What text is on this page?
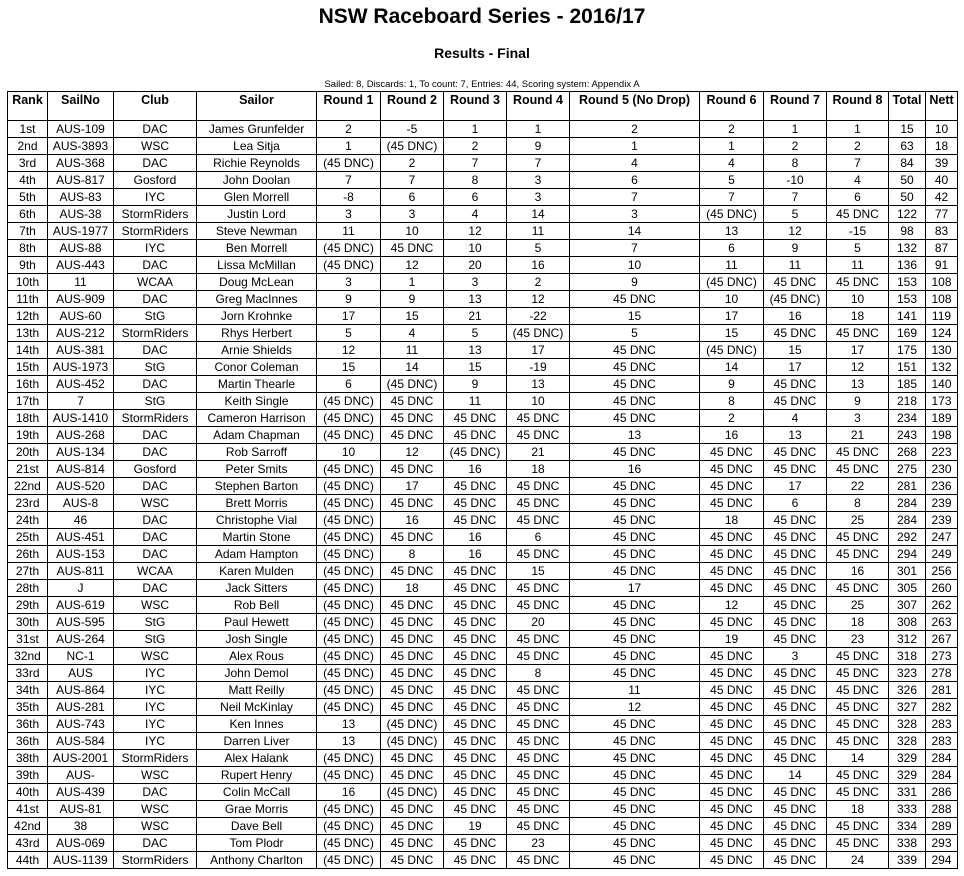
NSW Raceboard Series - 2016/17
Results - Final
Sailed: 8, Discards: 1, To count: 7, Entries: 44, Scoring system: Appendix A
Rank	SailNo	Club	Sailor	Round 1	Round 2	Round 3	Round 4	Round 5 (No Drop)	Round 6	Round 7	Round 8	Total	Nett
1st	AUS-109	DAC	James Grunfelder	2	-5	1	1	2	2	1	1	15	10
2nd	AUS-3893	WSC	Lea Sitja	1	(45 DNC)	2	9	1	1	2	2	63	18
3rd	AUS-368	DAC	Richie Reynolds	(45 DNC)	2	7	7	4	4	8	7	84	39
4th	AUS-817	Gosford	John Doolan	7	7	8	3	6	5	-10	4	50	40
5th	AUS-83	IYC	Glen Morrell	-8	6	6	3	7	7	7	6	50	42
6th	AUS-38	StormRiders	Justin Lord	3	3	4	14	3	(45 DNC)	5	45 DNC	122	77
7th	AUS-1977	StormRiders	Steve Newman	11	10	12	11	14	13	12	-15	98	83
8th	AUS-88	IYC	Ben Morrell	(45 DNC)	45 DNC	10	5	7	6	9	5	132	87
9th	AUS-443	DAC	Lissa McMillan	(45 DNC)	12	20	16	10	11	11	11	136	91
10th	11	WCAA	Doug McLean	3	1	3	2	9	(45 DNC)	45 DNC	45 DNC	153	108
11th	AUS-909	DAC	Greg MacInnes	9	9	13	12	45 DNC	10	(45 DNC)	10	153	108
12th	AUS-60	StG	Jorn Krohnke	17	15	21	-22	15	17	16	18	141	119
13th	AUS-212	StormRiders	Rhys Herbert	5	4	5	(45 DNC)	5	15	45 DNC	45 DNC	169	124
14th	AUS-381	DAC	Arnie Shields	12	11	13	17	45 DNC	(45 DNC)	15	17	175	130
15th	AUS-1973	StG	Conor Coleman	15	14	15	-19	45 DNC	14	17	12	151	132
16th	AUS-452	DAC	Martin Thearle	6	(45 DNC)	9	13	45 DNC	9	45 DNC	13	185	140
17th	7	StG	Keith Single	(45 DNC)	45 DNC	11	10	45 DNC	8	45 DNC	9	218	173
18th	AUS-1410	StormRiders	Cameron Harrison	(45 DNC)	45 DNC	45 DNC	45 DNC	45 DNC	2	4	3	234	189
19th	AUS-268	DAC	Adam Chapman	(45 DNC)	45 DNC	45 DNC	45 DNC	13	16	13	21	243	198
20th	AUS-134	DAC	Rob Sarroff	10	12	(45 DNC)	21	45 DNC	45 DNC	45 DNC	45 DNC	268	223
21st	AUS-814	Gosford	Peter Smits	(45 DNC)	45 DNC	16	18	16	45 DNC	45 DNC	45 DNC	275	230
22nd	AUS-520	DAC	Stephen Barton	(45 DNC)	17	45 DNC	45 DNC	45 DNC	45 DNC	17	22	281	236
23rd	AUS-8	WSC	Brett Morris	(45 DNC)	45 DNC	45 DNC	45 DNC	45 DNC	45 DNC	6	8	284	239
24th	46	DAC	Christophe Vial	(45 DNC)	16	45 DNC	45 DNC	45 DNC	18	45 DNC	25	284	239
25th	AUS-451	DAC	Martin Stone	(45 DNC)	45 DNC	16	6	45 DNC	45 DNC	45 DNC	45 DNC	292	247
26th	AUS-153	DAC	Adam Hampton	(45 DNC)	8	16	45 DNC	45 DNC	45 DNC	45 DNC	45 DNC	294	249
27th	AUS-811	WCAA	Karen Mulden	(45 DNC)	45 DNC	45 DNC	15	45 DNC	45 DNC	45 DNC	16	301	256
28th	J	DAC	Jack Sitters	(45 DNC)	18	45 DNC	45 DNC	17	45 DNC	45 DNC	45 DNC	305	260
29th	AUS-619	WSC	Rob Bell	(45 DNC)	45 DNC	45 DNC	45 DNC	45 DNC	12	45 DNC	25	307	262
30th	AUS-595	StG	Paul Hewett	(45 DNC)	45 DNC	45 DNC	20	45 DNC	45 DNC	45 DNC	18	308	263
31st	AUS-264	StG	Josh Single	(45 DNC)	45 DNC	45 DNC	45 DNC	45 DNC	19	45 DNC	23	312	267
32nd	NC-1	WSC	Alex Rous	(45 DNC)	45 DNC	45 DNC	45 DNC	45 DNC	45 DNC	3	45 DNC	318	273
33rd	AUS	IYC	John Demol	(45 DNC)	45 DNC	45 DNC	8	45 DNC	45 DNC	45 DNC	45 DNC	323	278
34th	AUS-864	IYC	Matt Reilly	(45 DNC)	45 DNC	45 DNC	45 DNC	11	45 DNC	45 DNC	45 DNC	326	281
35th	AUS-281	IYC	Neil McKinlay	(45 DNC)	45 DNC	45 DNC	45 DNC	12	45 DNC	45 DNC	45 DNC	327	282
36th	AUS-743	IYC	Ken Innes	13	(45 DNC)	45 DNC	45 DNC	45 DNC	45 DNC	45 DNC	45 DNC	328	283
36th	AUS-584	IYC	Darren Liver	13	(45 DNC)	45 DNC	45 DNC	45 DNC	45 DNC	45 DNC	45 DNC	328	283
38th	AUS-2001	StormRiders	Alex Halank	(45 DNC)	45 DNC	45 DNC	45 DNC	45 DNC	45 DNC	45 DNC	14	329	284
39th	AUS-	WSC	Rupert Henry	(45 DNC)	45 DNC	45 DNC	45 DNC	45 DNC	45 DNC	14	45 DNC	329	284
40th	AUS-439	DAC	Colin McCall	16	(45 DNC)	45 DNC	45 DNC	45 DNC	45 DNC	45 DNC	45 DNC	331	286
41st	AUS-81	WSC	Grae Morris	(45 DNC)	45 DNC	45 DNC	45 DNC	45 DNC	45 DNC	45 DNC	18	333	288
42nd	38	WSC	Dave Bell	(45 DNC)	45 DNC	19	45 DNC	45 DNC	45 DNC	45 DNC	45 DNC	334	289
43rd	AUS-069	DAC	Tom Plodr	(45 DNC)	45 DNC	45 DNC	23	45 DNC	45 DNC	45 DNC	45 DNC	338	293
44th	AUS-1139	StormRiders	Anthony Charlton	(45 DNC)	45 DNC	45 DNC	45 DNC	45 DNC	45 DNC	45 DNC	24	339	294
